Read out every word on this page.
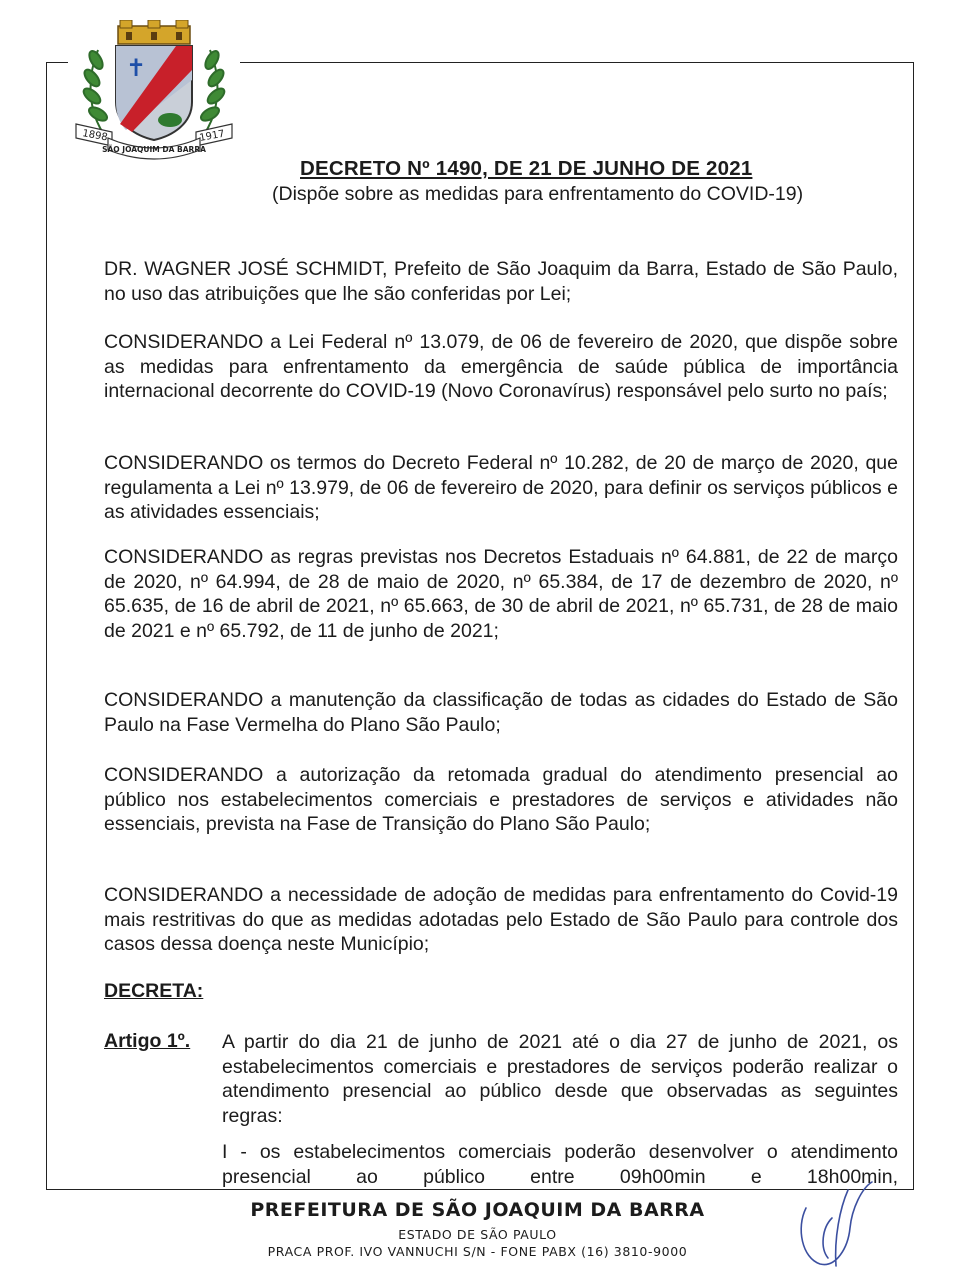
✝
1898	1917
SÃO JOAQUIM DA BARRA
DECRETO Nº 1490, DE 21 DE JUNHO DE 2021
(Dispõe sobre as medidas para enfrentamento do COVID-19)
DR. WAGNER JOSÉ SCHMIDT, Prefeito de São Joaquim da Barra, Estado de São Paulo, no uso das atribuições que lhe são conferidas por Lei;
CONSIDERANDO a Lei Federal nº 13.079, de 06 de fevereiro de 2020, que dispõe sobre as medidas para enfrentamento da emergência de saúde pública de importância internacional decorrente do COVID-19 (Novo Coronavírus) responsável pelo surto no país;
CONSIDERANDO os termos do Decreto Federal nº 10.282, de 20 de março de 2020, que regulamenta a Lei nº 13.979, de 06 de fevereiro de 2020, para definir os serviços públicos e as atividades essenciais;
CONSIDERANDO as regras previstas nos Decretos Estaduais nº 64.881, de 22 de março de 2020, nº 64.994, de 28 de maio de 2020, nº 65.384, de 17 de dezembro de 2020, nº 65.635, de 16 de abril de 2021, nº 65.663, de 30 de abril de 2021, nº 65.731, de 28 de maio de 2021 e nº 65.792, de 11 de junho de 2021;
CONSIDERANDO a manutenção da classificação de todas as cidades do Estado de São Paulo na Fase Vermelha do Plano São Paulo;
CONSIDERANDO a autorização da retomada gradual do atendimento presencial ao público nos estabelecimentos comerciais e prestadores de serviços e atividades não essenciais, prevista na Fase de Transição do Plano São Paulo;
CONSIDERANDO a necessidade de adoção de medidas para enfrentamento do Covid-19 mais restritivas do que as medidas adotadas pelo Estado de São Paulo para controle dos casos dessa doença neste Município;
DECRETA:
Artigo 1º. A partir do dia 21 de junho de 2021 até o dia 27 de junho de 2021, os estabelecimentos comerciais e prestadores de serviços poderão realizar o atendimento presencial ao público desde que observadas as seguintes regras:
I - os estabelecimentos comerciais poderão desenvolver o atendimento presencial ao público entre 09h00min e 18h00min,
PREFEITURA DE SÃO JOAQUIM DA BARRA
ESTADO DE SÃO PAULO
PRACA PROF. IVO VANNUCHI S/N - FONE PABX (16) 3810-9000
